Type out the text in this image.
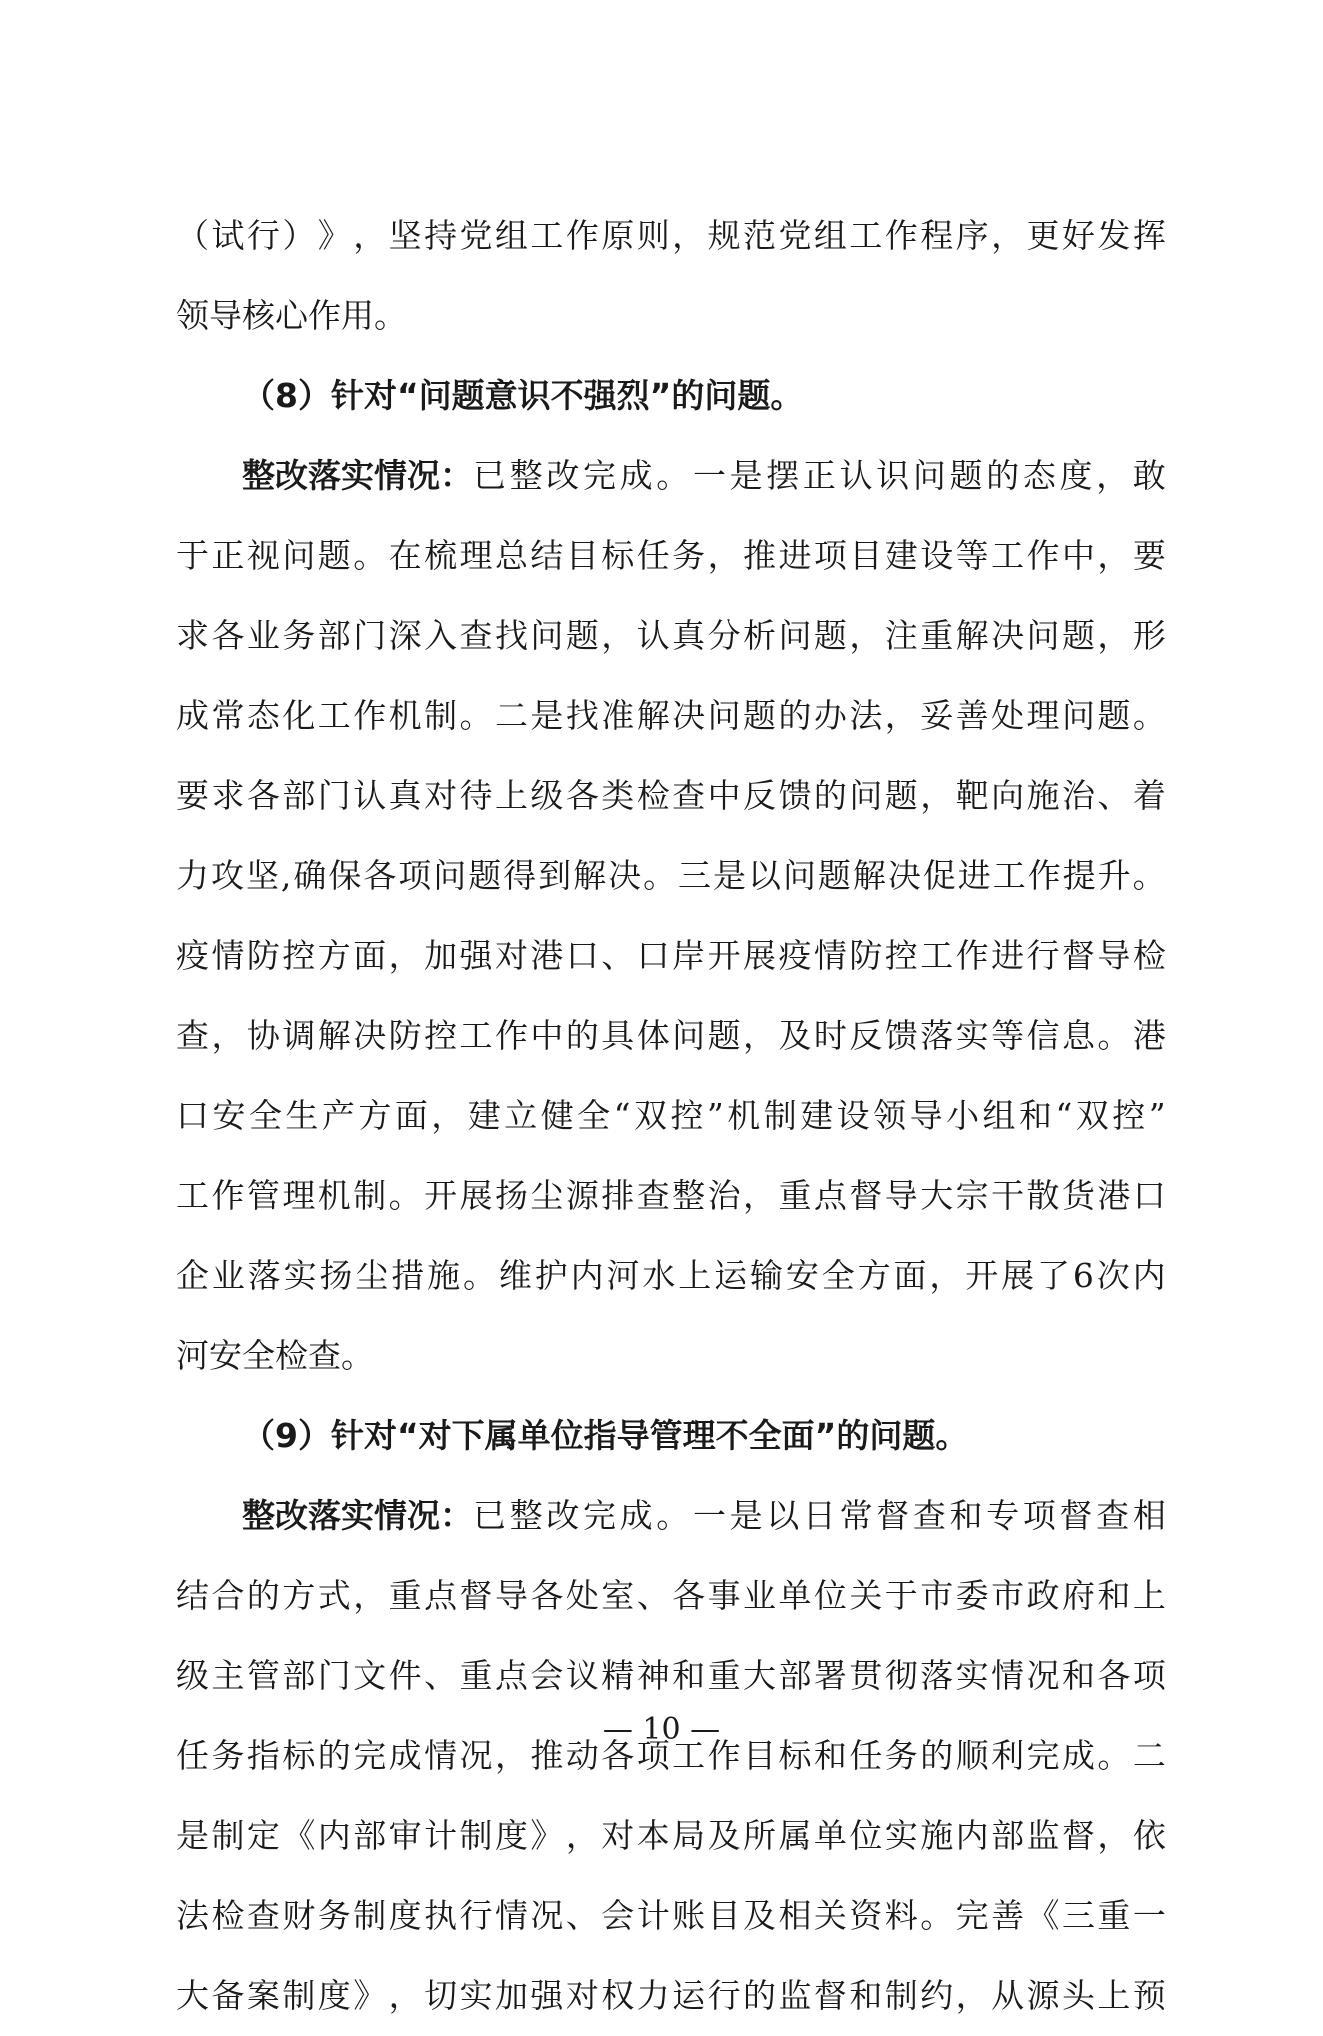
（ 试 行 ） 》 ， 坚 持 党 组 工 作 原 则 ， 规 范 党 组 工 作 程 序 ， 更 好 发 挥
领导核心作用。
（8）针对“问题意识不强烈”的问题。
整改落实情况： 已 整 改 完 成 。 一 是 摆 正 认 识 问 题 的 态 度 ， 敢
于 正 视 问 题 。 在 梳 理 总 结 目 标 任 务 ， 推 进 项 目 建 设 等 工 作 中 ， 要
求 各 业 务 部 门 深 入 查 找 问 题 ， 认 真 分 析 问 题 ， 注 重 解 决 问 题 ， 形
成 常 态 化 工 作 机 制 。 二 是 找 准 解 决 问 题 的 办 法 ， 妥 善 处 理 问 题 。
要 求 各 部 门 认 真 对 待 上 级 各 类 检 查 中 反 馈 的 问 题 ， 靶 向 施 治 、 着
力 攻 坚 , 确 保 各 项 问 题 得 到 解 决 。 三 是 以 问 题 解 决 促 进 工 作 提 升 。
疫 情 防 控 方 面 ， 加 强 对 港 口 、 口 岸 开 展 疫 情 防 控 工 作 进 行 督 导 检
查 ， 协 调 解 决 防 控 工 作 中 的 具 体 问 题 ， 及 时 反 馈 落 实 等 信 息 。 港
口 安 全 生 产 方 面 ， 建 立 健 全 “ 双 控 ” 机 制 建 设 领 导 小 组 和 “ 双 控 ”
工 作 管 理 机 制 。 开 展 扬 尘 源 排 查 整 治 ， 重 点 督 导 大 宗 干 散 货 港 口
企 业 落 实 扬 尘 措 施 。 维 护 内 河 水 上 运 输 安 全 方 面 ， 开 展 了 6 次 内
河安全检查。
（9）针对“对下属单位指导管理不全面”的问题。
整改落实情况： 已 整 改 完 成 。 一 是 以 日 常 督 查 和 专 项 督 查 相
结 合 的 方 式 ， 重 点 督 导 各 处 室 、 各 事 业 单 位 关 于 市 委 市 政 府 和 上
级 主 管 部 门 文 件 、 重 点 会 议 精 神 和 重 大 部 署 贯 彻 落 实 情 况 和 各 项
任 务 指 标 的 完 成 情 况 ， 推 动 各 项 工 作 目 标 和 任 务 的 顺 利 完 成 。 二
是 制 定 《 内 部 审 计 制 度 》 ， 对 本 局 及 所 属 单 位 实 施 内 部 监 督 ， 依
法 检 查 财 务 制 度 执 行 情 况 、 会 计 账 目 及 相 关 资 料 。 完 善 《 三 重 一
大 备 案 制 度 》 ， 切 实 加 强 对 权 力 运 行 的 监 督 和 制 约 ， 从 源 头 上 预
— 10 —
